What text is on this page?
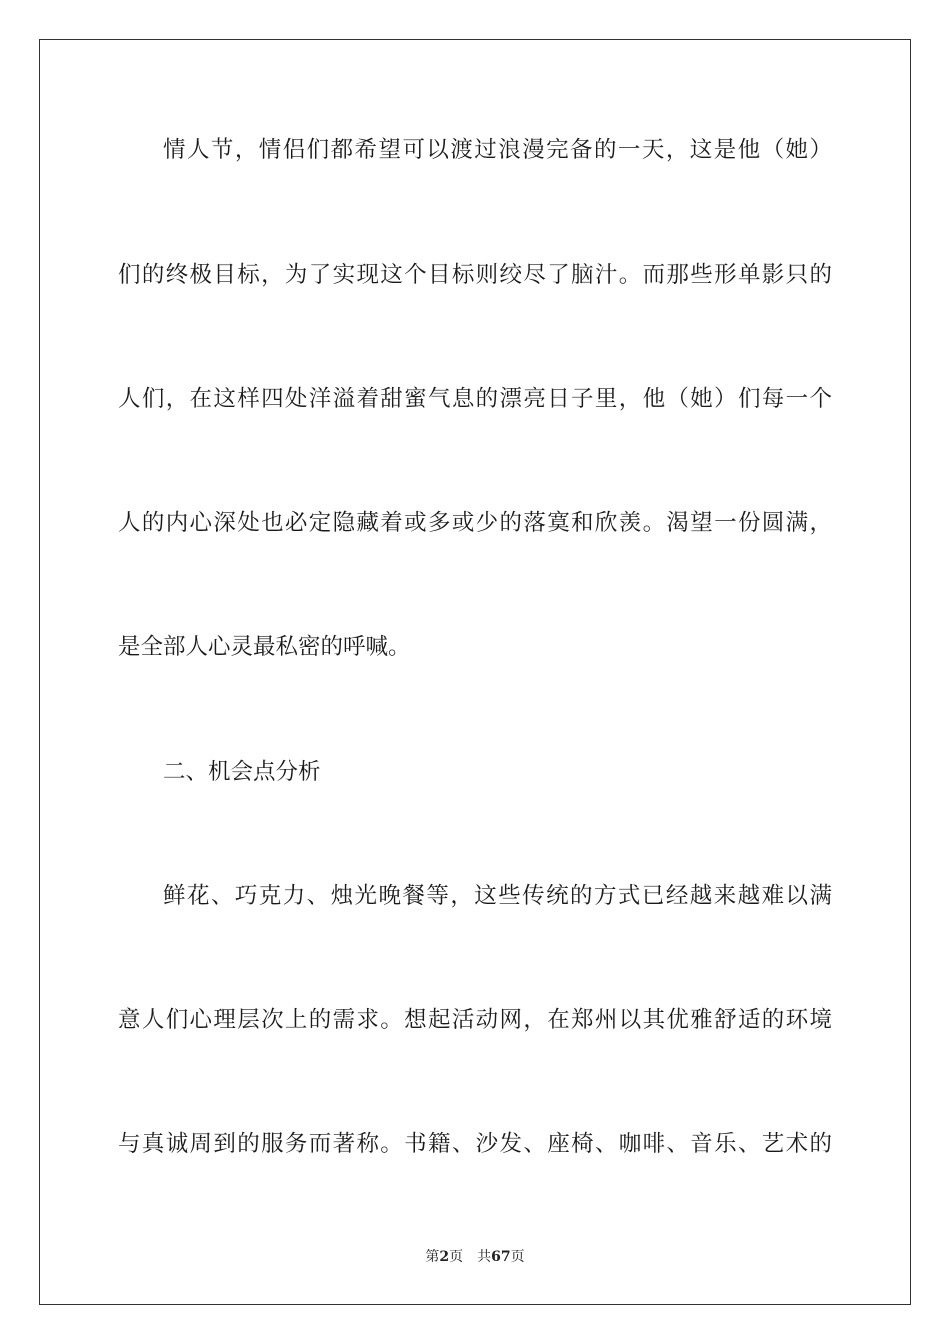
情人节，情侣们都希望可以渡过浪漫完备的一天，这是他（她）
们的终极目标，为了实现这个目标则绞尽了脑汁。而那些形单影只的
人们，在这样四处洋溢着甜蜜气息的漂亮日子里，他（她）们每一个
人的内心深处也必定隐藏着或多或少的落寞和欣羡。渴望一份圆满，
是全部人心灵最私密的呼喊。
二、机会点分析
鲜花、巧克力、烛光晚餐等，这些传统的方式已经越来越难以满
意人们心理层次上的需求。想起活动网，在郑州以其优雅舒适的环境
与真诚周到的服务而著称。书籍、沙发、座椅、咖啡、音乐、艺术的
第2页 共67页
